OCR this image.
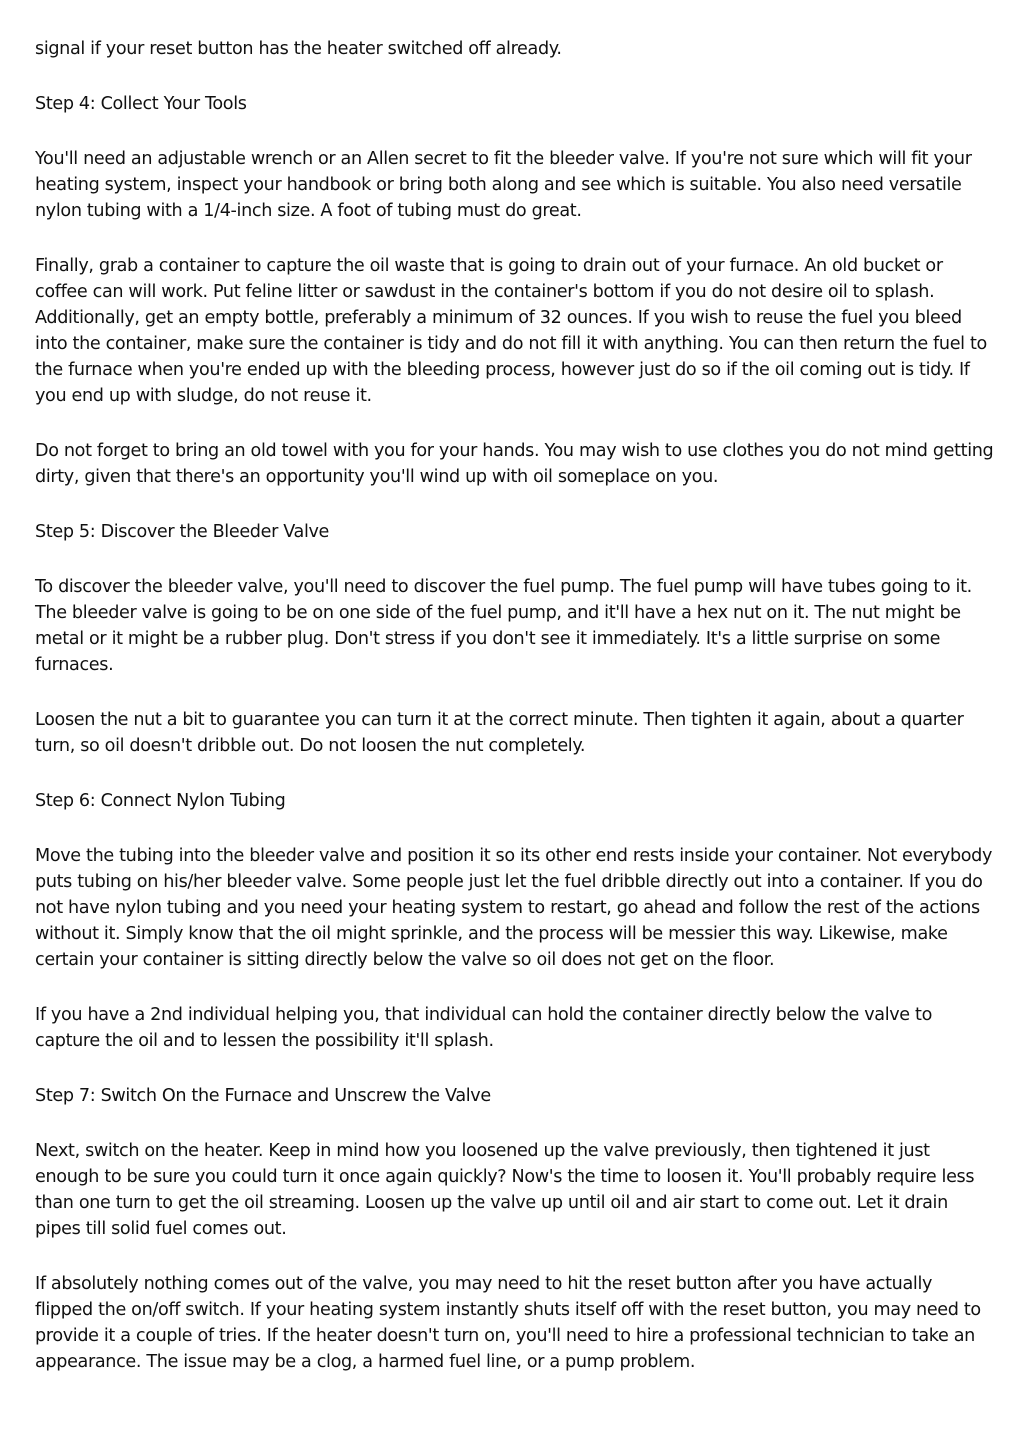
signal if your reset button has the heater switched off already.

Step 4: Collect Your Tools

You'll need an adjustable wrench or an Allen secret to fit the bleeder valve. If you're not sure which will fit your heating system, inspect your handbook or bring both along and see which is suitable. You also need versatile nylon tubing with a 1/4-inch size. A foot of tubing must do great.

Finally, grab a container to capture the oil waste that is going to drain out of your furnace. An old bucket or coffee can will work. Put feline litter or sawdust in the container's bottom if you do not desire oil to splash. Additionally, get an empty bottle, preferably a minimum of 32 ounces. If you wish to reuse the fuel you bleed into the container, make sure the container is tidy and do not fill it with anything. You can then return the fuel to the furnace when you're ended up with the bleeding process, however just do so if the oil coming out is tidy. If you end up with sludge, do not reuse it.

Do not forget to bring an old towel with you for your hands. You may wish to use clothes you do not mind getting dirty, given that there's an opportunity you'll wind up with oil someplace on you.

Step 5: Discover the Bleeder Valve

To discover the bleeder valve, you'll need to discover the fuel pump. The fuel pump will have tubes going to it. The bleeder valve is going to be on one side of the fuel pump, and it'll have a hex nut on it. The nut might be metal or it might be a rubber plug. Don't stress if you don't see it immediately. It's a little surprise on some furnaces.

Loosen the nut a bit to guarantee you can turn it at the correct minute. Then tighten it again, about a quarter turn, so oil doesn't dribble out. Do not loosen the nut completely.

Step 6: Connect Nylon Tubing

Move the tubing into the bleeder valve and position it so its other end rests inside your container. Not everybody puts tubing on his/her bleeder valve. Some people just let the fuel dribble directly out into a container. If you do not have nylon tubing and you need your heating system to restart, go ahead and follow the rest of the actions without it. Simply know that the oil might sprinkle, and the process will be messier this way. Likewise, make certain your container is sitting directly below the valve so oil does not get on the floor.

If you have a 2nd individual helping you, that individual can hold the container directly below the valve to capture the oil and to lessen the possibility it'll splash.

Step 7: Switch On the Furnace and Unscrew the Valve

Next, switch on the heater. Keep in mind how you loosened up the valve previously, then tightened it just enough to be sure you could turn it once again quickly? Now's the time to loosen it. You'll probably require less than one turn to get the oil streaming. Loosen up the valve up until oil and air start to come out. Let it drain pipes till solid fuel comes out.

If absolutely nothing comes out of the valve, you may need to hit the reset button after you have actually flipped the on/off switch. If your heating system instantly shuts itself off with the reset button, you may need to provide it a couple of tries. If the heater doesn't turn on, you'll need to hire a professional technician to take an appearance. The issue may be a clog, a harmed fuel line, or a pump problem.
